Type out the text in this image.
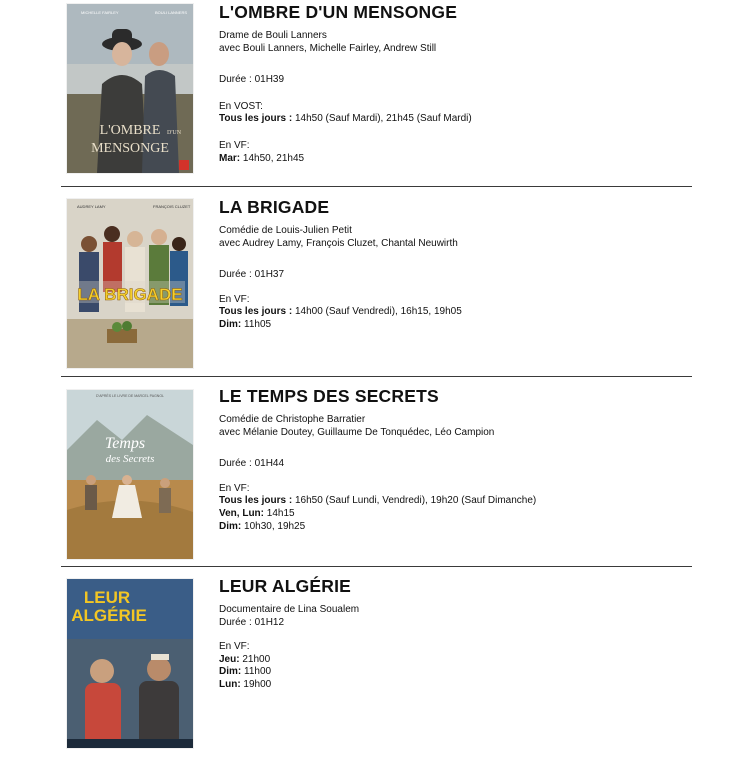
MICHELLE FAIRLEY	BOULI LANNERS
L'OMBRE D'UN
MENSONGE
L'OMBRE D'UN MENSONGE

Drame de Bouli Lanners

avec Bouli Lanners, Michelle Fairley, Andrew Still

Durée : 01H39

En VOST:

Tous les jours : 14h50 (Sauf Mardi), 21h45 (Sauf Mardi)

En VF:

Mar: 14h50, 21h45

LA BRIGADE
AUDREY LAMY	FRANÇOIS CLUZET LA BRIGADE

Comédie de Louis-Julien Petit

avec Audrey Lamy, François Cluzet, Chantal Neuwirth

Durée : 01H37

En VF:

Tous les jours : 14h00 (Sauf Vendredi), 16h15, 19h05

Dim: 11h05

D'APRÈS LE LIVRE DE MARCEL PAGNOL
Temps
des Secrets
LE TEMPS DES SECRETS

Comédie de Christophe Barratier

avec Mélanie Doutey, Guillaume De Tonquédec, Léo Campion

Durée : 01H44

En VF:

Tous les jours : 16h50 (Sauf Lundi, Vendredi), 19h20 (Sauf Dimanche)

Ven, Lun: 14h15

Dim: 10h30, 19h25

LEUR
ALGÉRIE
LEUR ALGÉRIE

Documentaire de Lina Soualem

Durée : 01H12

En VF:

Jeu: 21h00

Dim: 11h00

Lun: 19h00
